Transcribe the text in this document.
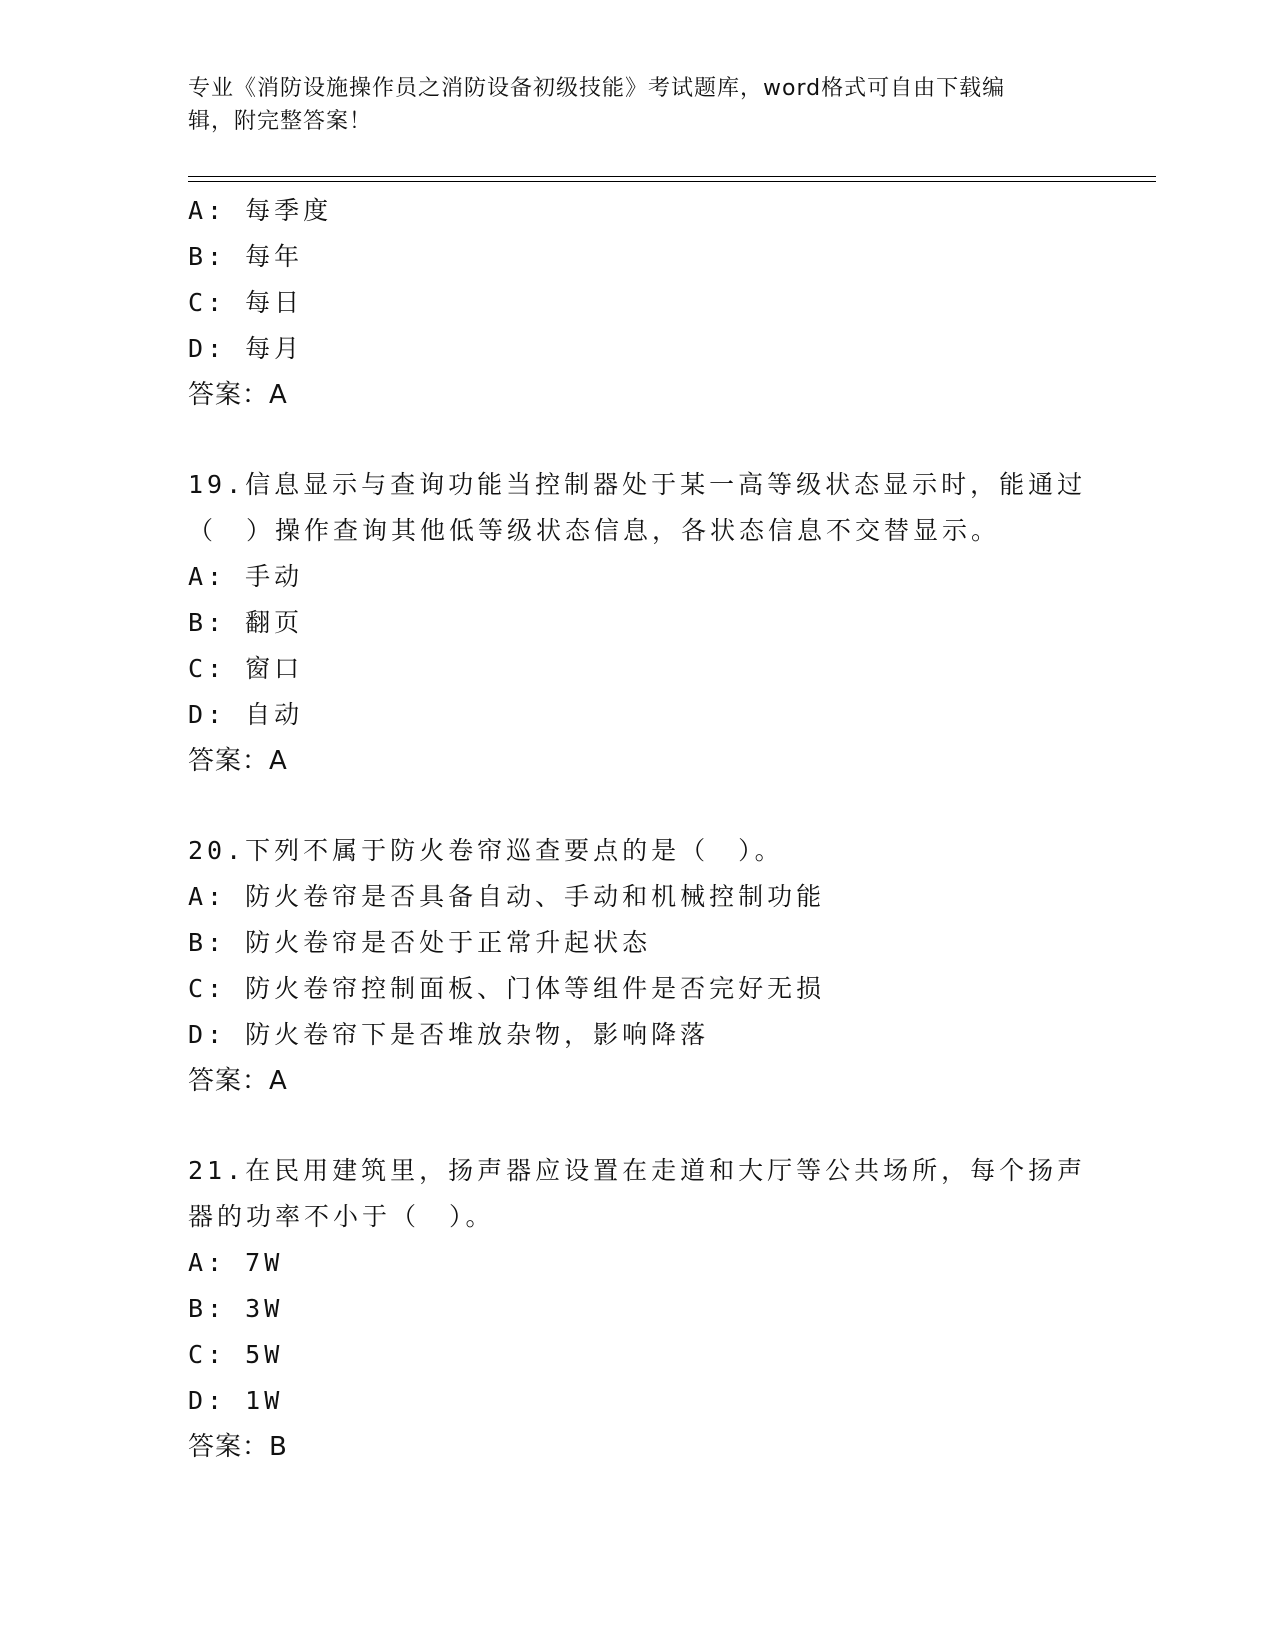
专业《消防设施操作员之消防设备初级技能》考试题库，word格式可自由下载编
辑，附完整答案！
A: 每季度
B: 每年
C: 每日
D: 每月
答案：A
19.信息显示与查询功能当控制器处于某一高等级状态显示时，能通过
（　）操作查询其他低等级状态信息，各状态信息不交替显示。
A: 手动
B: 翻页
C: 窗口
D: 自动
答案：A
20.下列不属于防火卷帘巡查要点的是（　）。
A: 防火卷帘是否具备自动、手动和机械控制功能
B: 防火卷帘是否处于正常升起状态
C: 防火卷帘控制面板、门体等组件是否完好无损
D: 防火卷帘下是否堆放杂物，影响降落
答案：A
21.在民用建筑里，扬声器应设置在走道和大厅等公共场所，每个扬声
器的功率不小于（　）。
A: 7W
B: 3W
C: 5W
D: 1W
答案：B
